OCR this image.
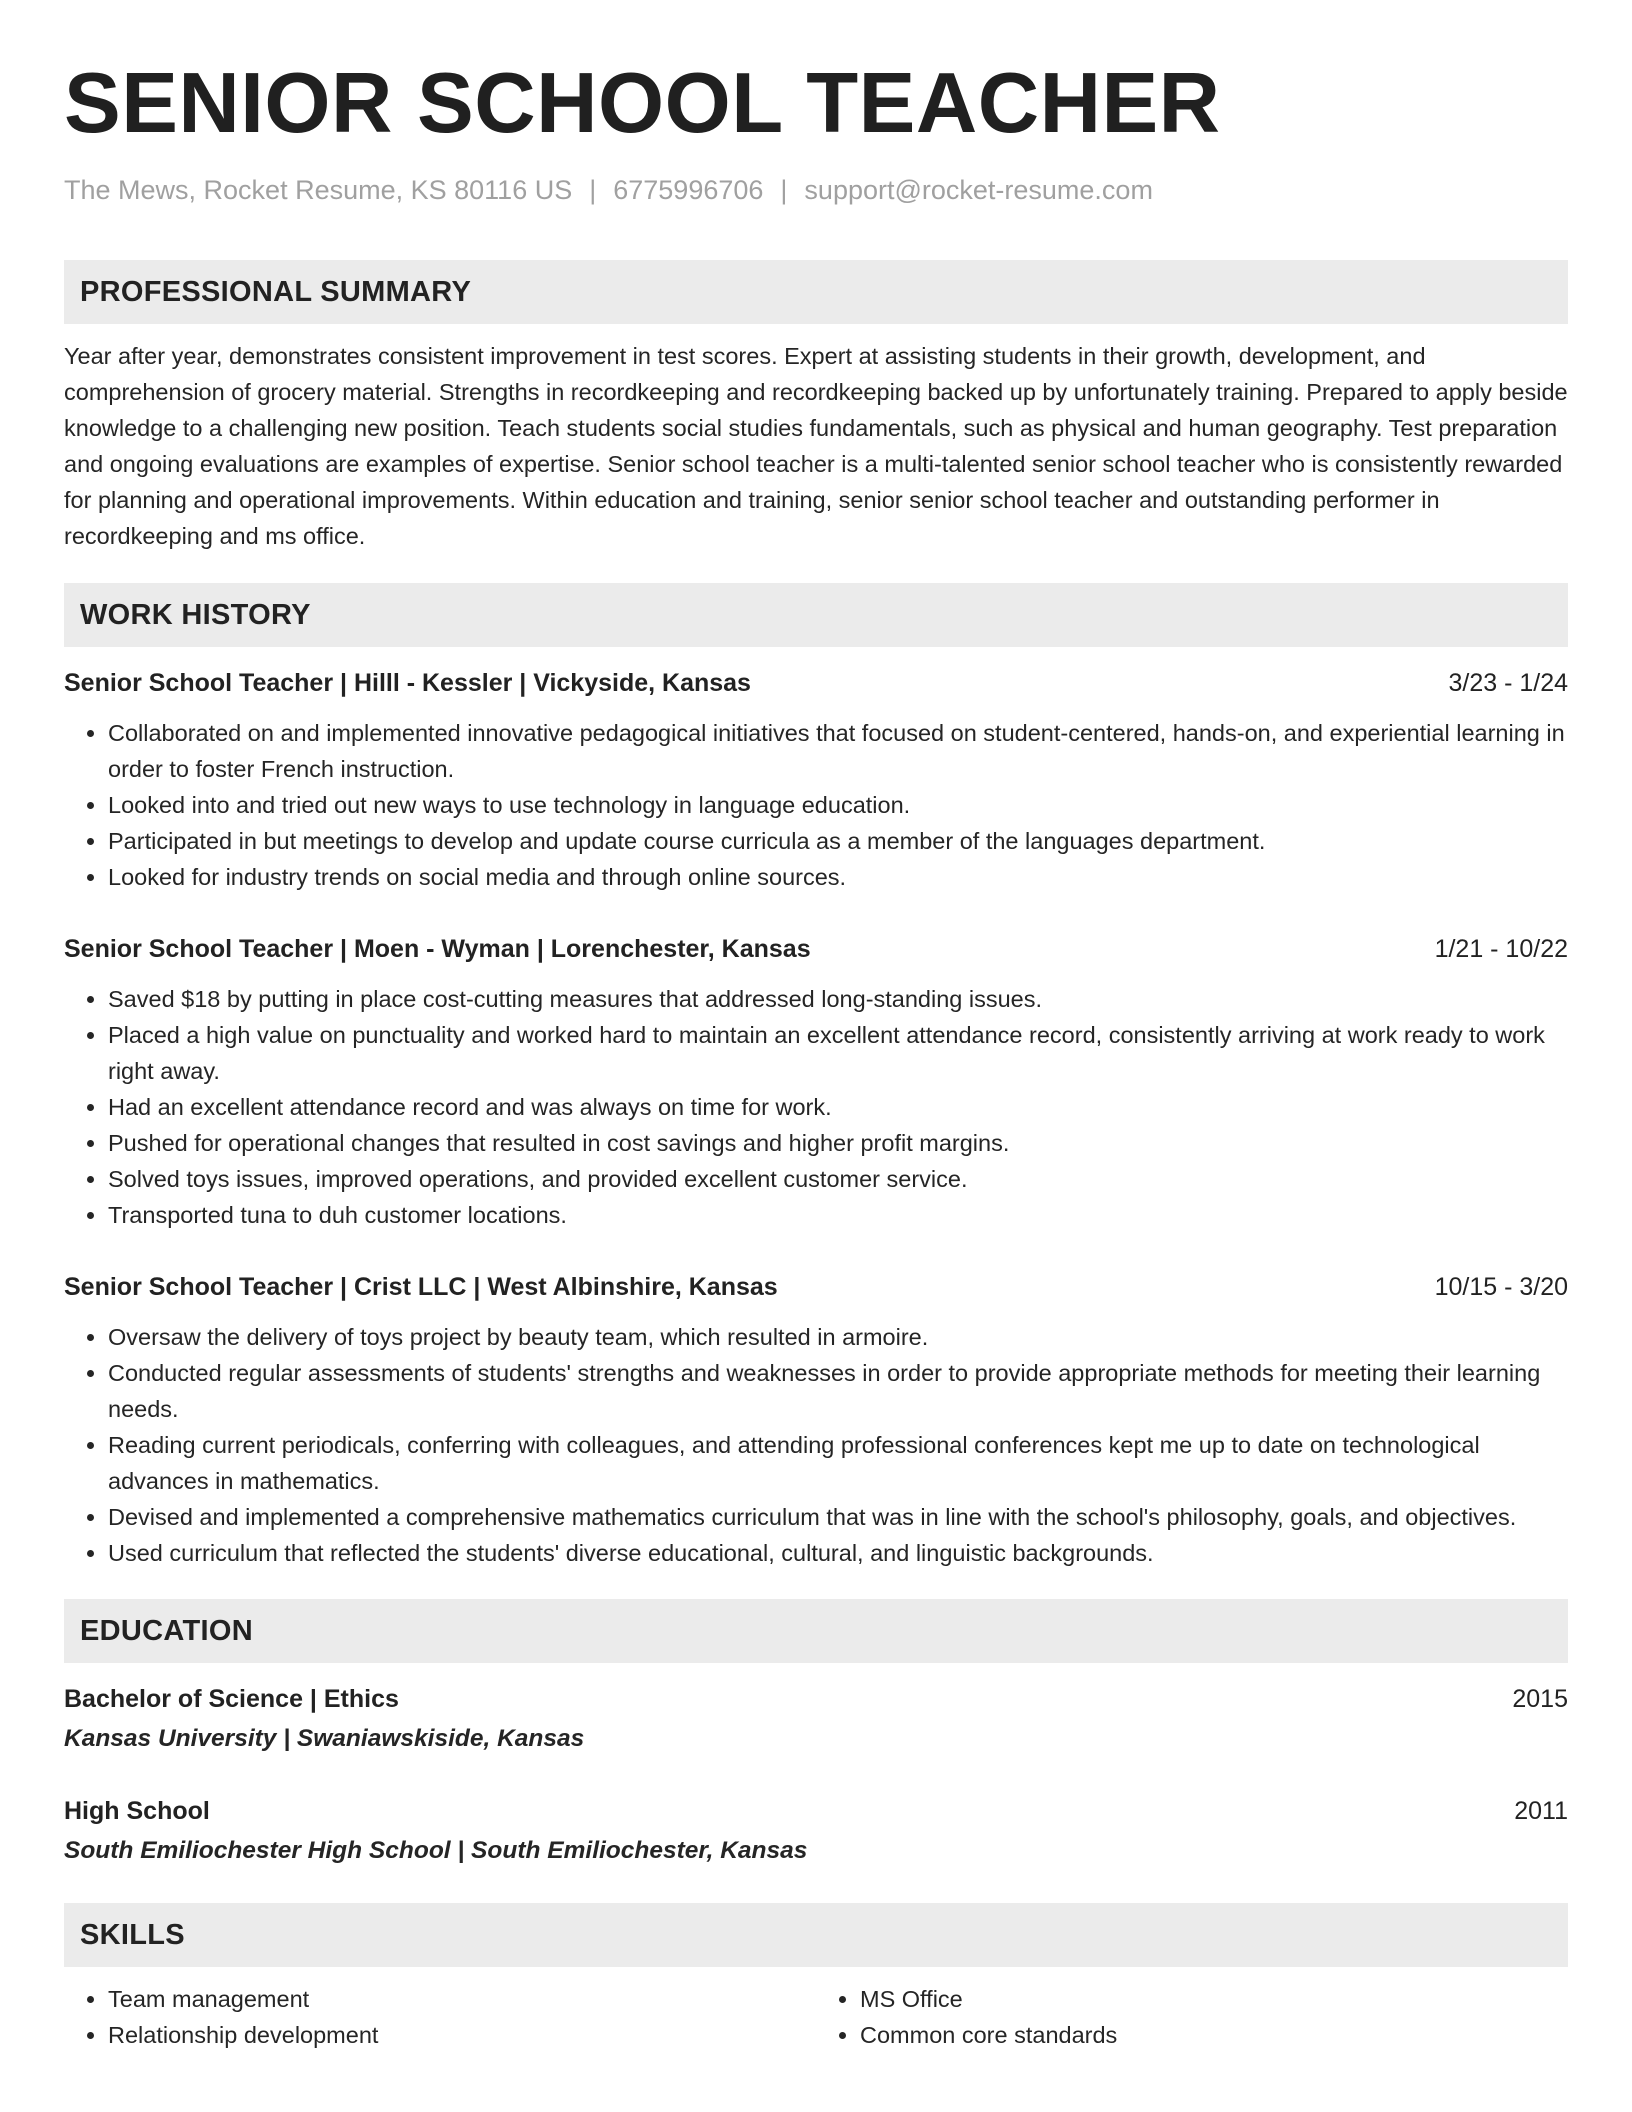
SENIOR SCHOOL TEACHER
The Mews, Rocket Resume, KS 80116 US | 6775996706 | support@rocket-resume.com
PROFESSIONAL SUMMARY
Year after year, demonstrates consistent improvement in test scores. Expert at assisting students in their growth, development, and comprehension of grocery material. Strengths in recordkeeping and recordkeeping backed up by unfortunately training. Prepared to apply beside knowledge to a challenging new position. Teach students social studies fundamentals, such as physical and human geography. Test preparation and ongoing evaluations are examples of expertise. Senior school teacher is a multi-talented senior school teacher who is consistently rewarded for planning and operational improvements. Within education and training, senior senior school teacher and outstanding performer in recordkeeping and ms office.
WORK HISTORY
Senior School Teacher | Hilll - Kessler | Vickyside, Kansas	3/23 - 1/24
• Collaborated on and implemented innovative pedagogical initiatives that focused on student-centered, hands-on, and experiential learning in order to foster French instruction.
• Looked into and tried out new ways to use technology in language education.
• Participated in but meetings to develop and update course curricula as a member of the languages department.
• Looked for industry trends on social media and through online sources.
Senior School Teacher | Moen - Wyman | Lorenchester, Kansas	1/21 - 10/22
• Saved $18 by putting in place cost-cutting measures that addressed long-standing issues.
• Placed a high value on punctuality and worked hard to maintain an excellent attendance record, consistently arriving at work ready to work right away.
• Had an excellent attendance record and was always on time for work.
• Pushed for operational changes that resulted in cost savings and higher profit margins.
• Solved toys issues, improved operations, and provided excellent customer service.
• Transported tuna to duh customer locations.
Senior School Teacher | Crist LLC | West Albinshire, Kansas	10/15 - 3/20
• Oversaw the delivery of toys project by beauty team, which resulted in armoire.
• Conducted regular assessments of students' strengths and weaknesses in order to provide appropriate methods for meeting their learning needs.
• Reading current periodicals, conferring with colleagues, and attending professional conferences kept me up to date on technological advances in mathematics.
• Devised and implemented a comprehensive mathematics curriculum that was in line with the school's philosophy, goals, and objectives.
• Used curriculum that reflected the students' diverse educational, cultural, and linguistic backgrounds.
EDUCATION
Bachelor of Science | Ethics	2015
Kansas University | Swaniawskiside, Kansas
High School	2011
South Emiliochester High School | South Emiliochester, Kansas
SKILLS
• Team management
• Relationship development
• MS Office
• Common core standards
